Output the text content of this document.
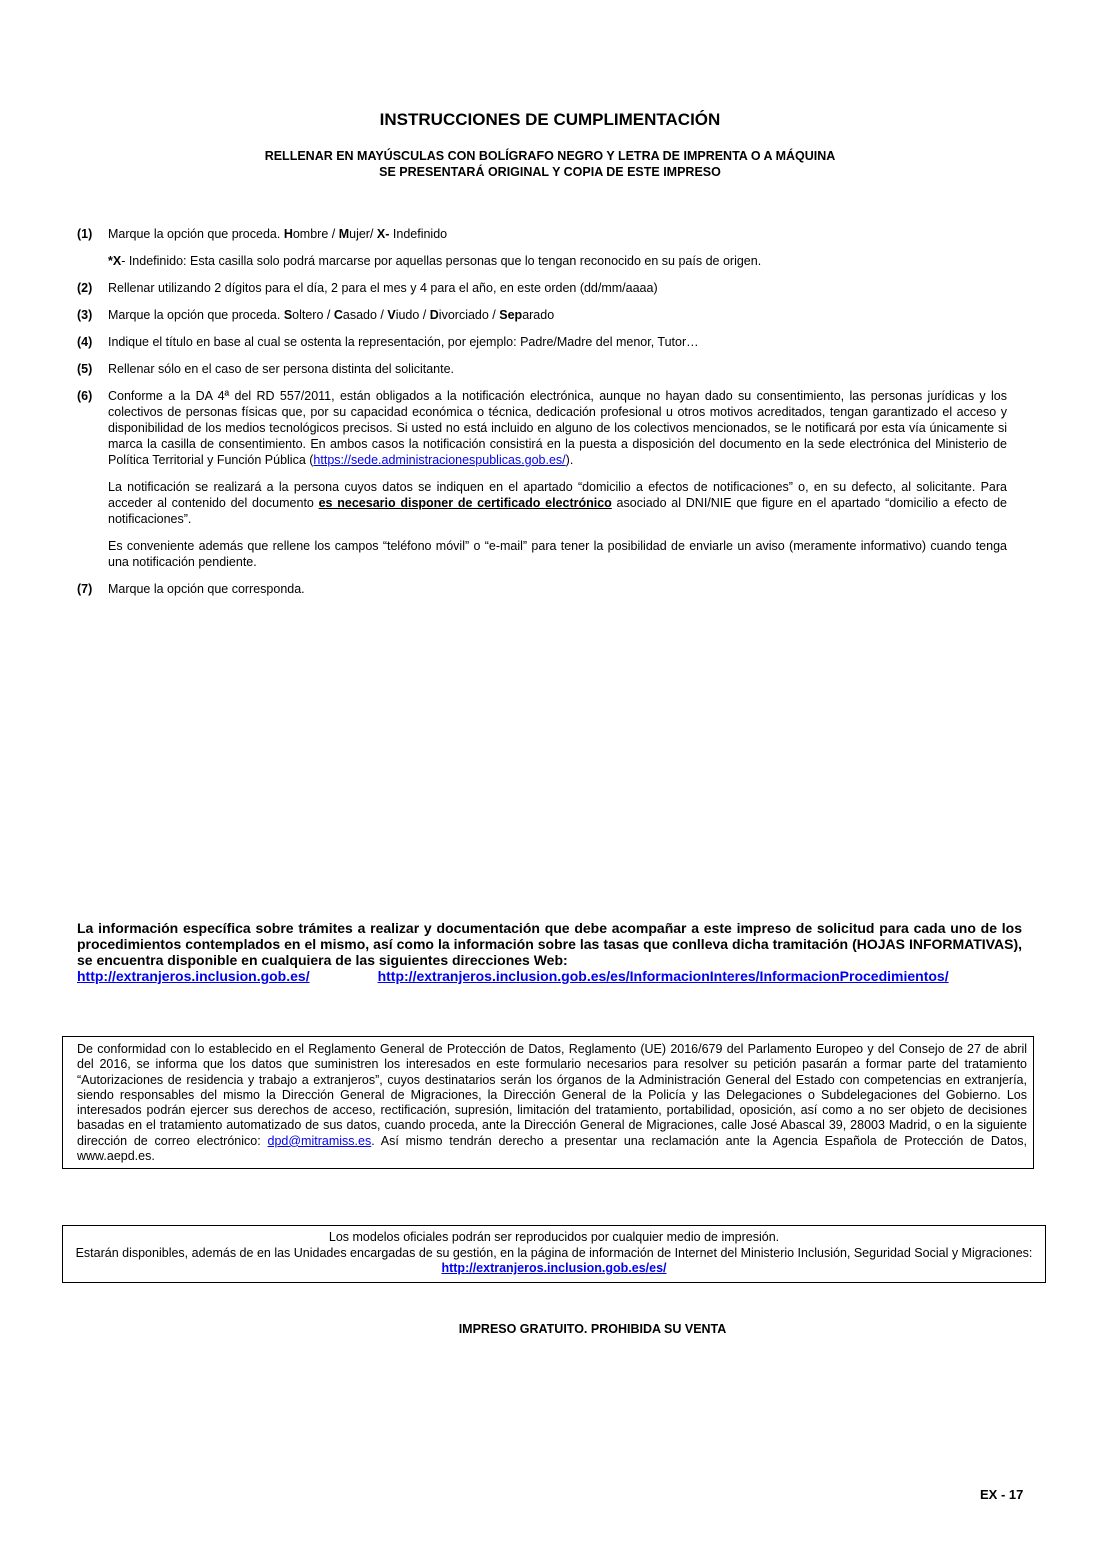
INSTRUCCIONES DE CUMPLIMENTACIÓN
RELLENAR EN MAYÚSCULAS CON BOLÍGRAFO NEGRO Y LETRA DE IMPRENTA O A MÁQUINA
SE PRESENTARÁ ORIGINAL Y COPIA DE ESTE IMPRESO
(1) Marque la opción que proceda. Hombre / Mujer/ X- Indefinido

*X- Indefinido: Esta casilla solo podrá marcarse por aquellas personas que lo tengan reconocido en su país de origen.

(2) Rellenar utilizando 2 dígitos para el día, 2 para el mes y 4 para el año, en este orden (dd/mm/aaaa)

(3) Marque la opción que proceda. Soltero / Casado / Viudo / Divorciado / Separado

(4) Indique el título en base al cual se ostenta la representación, por ejemplo: Padre/Madre del menor, Tutor…

(5) Rellenar sólo en el caso de ser persona distinta del solicitante.

(6) Conforme a la DA 4ª del RD 557/2011, están obligados a la notificación electrónica, aunque no hayan dado su consentimiento, las personas jurídicas y los colectivos de personas físicas que, por su capacidad económica o técnica, dedicación profesional u otros motivos acreditados, tengan garantizado el acceso y disponibilidad de los medios tecnológicos precisos. Si usted no está incluido en alguno de los colectivos mencionados, se le notificará por esta vía únicamente si marca la casilla de consentimiento. En ambos casos la notificación consistirá en la puesta a disposición del documento en la sede electrónica del Ministerio de Política Territorial y Función Pública (https://sede.administracionespublicas.gob.es/).

La notificación se realizará a la persona cuyos datos se indiquen en el apartado “domicilio a efectos de notificaciones” o, en su defecto, al solicitante. Para acceder al contenido del documento es necesario disponer de certificado electrónico asociado al DNI/NIE que figure en el apartado “domicilio a efecto de notificaciones”.

Es conveniente además que rellene los campos “teléfono móvil” o “e-mail” para tener la posibilidad de enviarle un aviso (meramente informativo) cuando tenga una notificación pendiente.

(7) Marque la opción que corresponda.

La información específica sobre trámites a realizar y documentación que debe acompañar a este impreso de solicitud para cada uno de los procedimientos contemplados en el mismo, así como la información sobre las tasas que conlleva dicha tramitación (HOJAS INFORMATIVAS), se encuentra disponible en cualquiera de las siguientes direcciones Web:
http://extranjeros.inclusion.gob.es/	http://extranjeros.inclusion.gob.es/es/InformacionInteres/InformacionProcedimientos/
De conformidad con lo establecido en el Reglamento General de Protección de Datos, Reglamento (UE) 2016/679 del Parlamento Europeo y del Consejo de 27 de abril del 2016, se informa que los datos que suministren los interesados en este formulario necesarios para resolver su petición pasarán a formar parte del tratamiento “Autorizaciones de residencia y trabajo a extranjeros”, cuyos destinatarios serán los órganos de la Administración General del Estado con competencias en extranjería, siendo responsables del mismo la Dirección General de Migraciones, la Dirección General de la Policía y las Delegaciones o Subdelegaciones del Gobierno. Los interesados podrán ejercer sus derechos de acceso, rectificación, supresión, limitación del tratamiento, portabilidad, oposición, así como a no ser objeto de decisiones basadas en el tratamiento automatizado de sus datos, cuando proceda, ante la Dirección General de Migraciones, calle José Abascal 39, 28003 Madrid, o en la siguiente dirección de correo electrónico: dpd@mitramiss.es. Así mismo tendrán derecho a presentar una reclamación ante la Agencia Española de Protección de Datos, www.aepd.es.
Los modelos oficiales podrán ser reproducidos por cualquier medio de impresión.
Estarán disponibles, además de en las Unidades encargadas de su gestión, en la página de información de Internet del Ministerio Inclusión, Seguridad Social y Migraciones: http://extranjeros.inclusion.gob.es/es/
IMPRESO GRATUITO. PROHIBIDA SU VENTA
EX - 17
